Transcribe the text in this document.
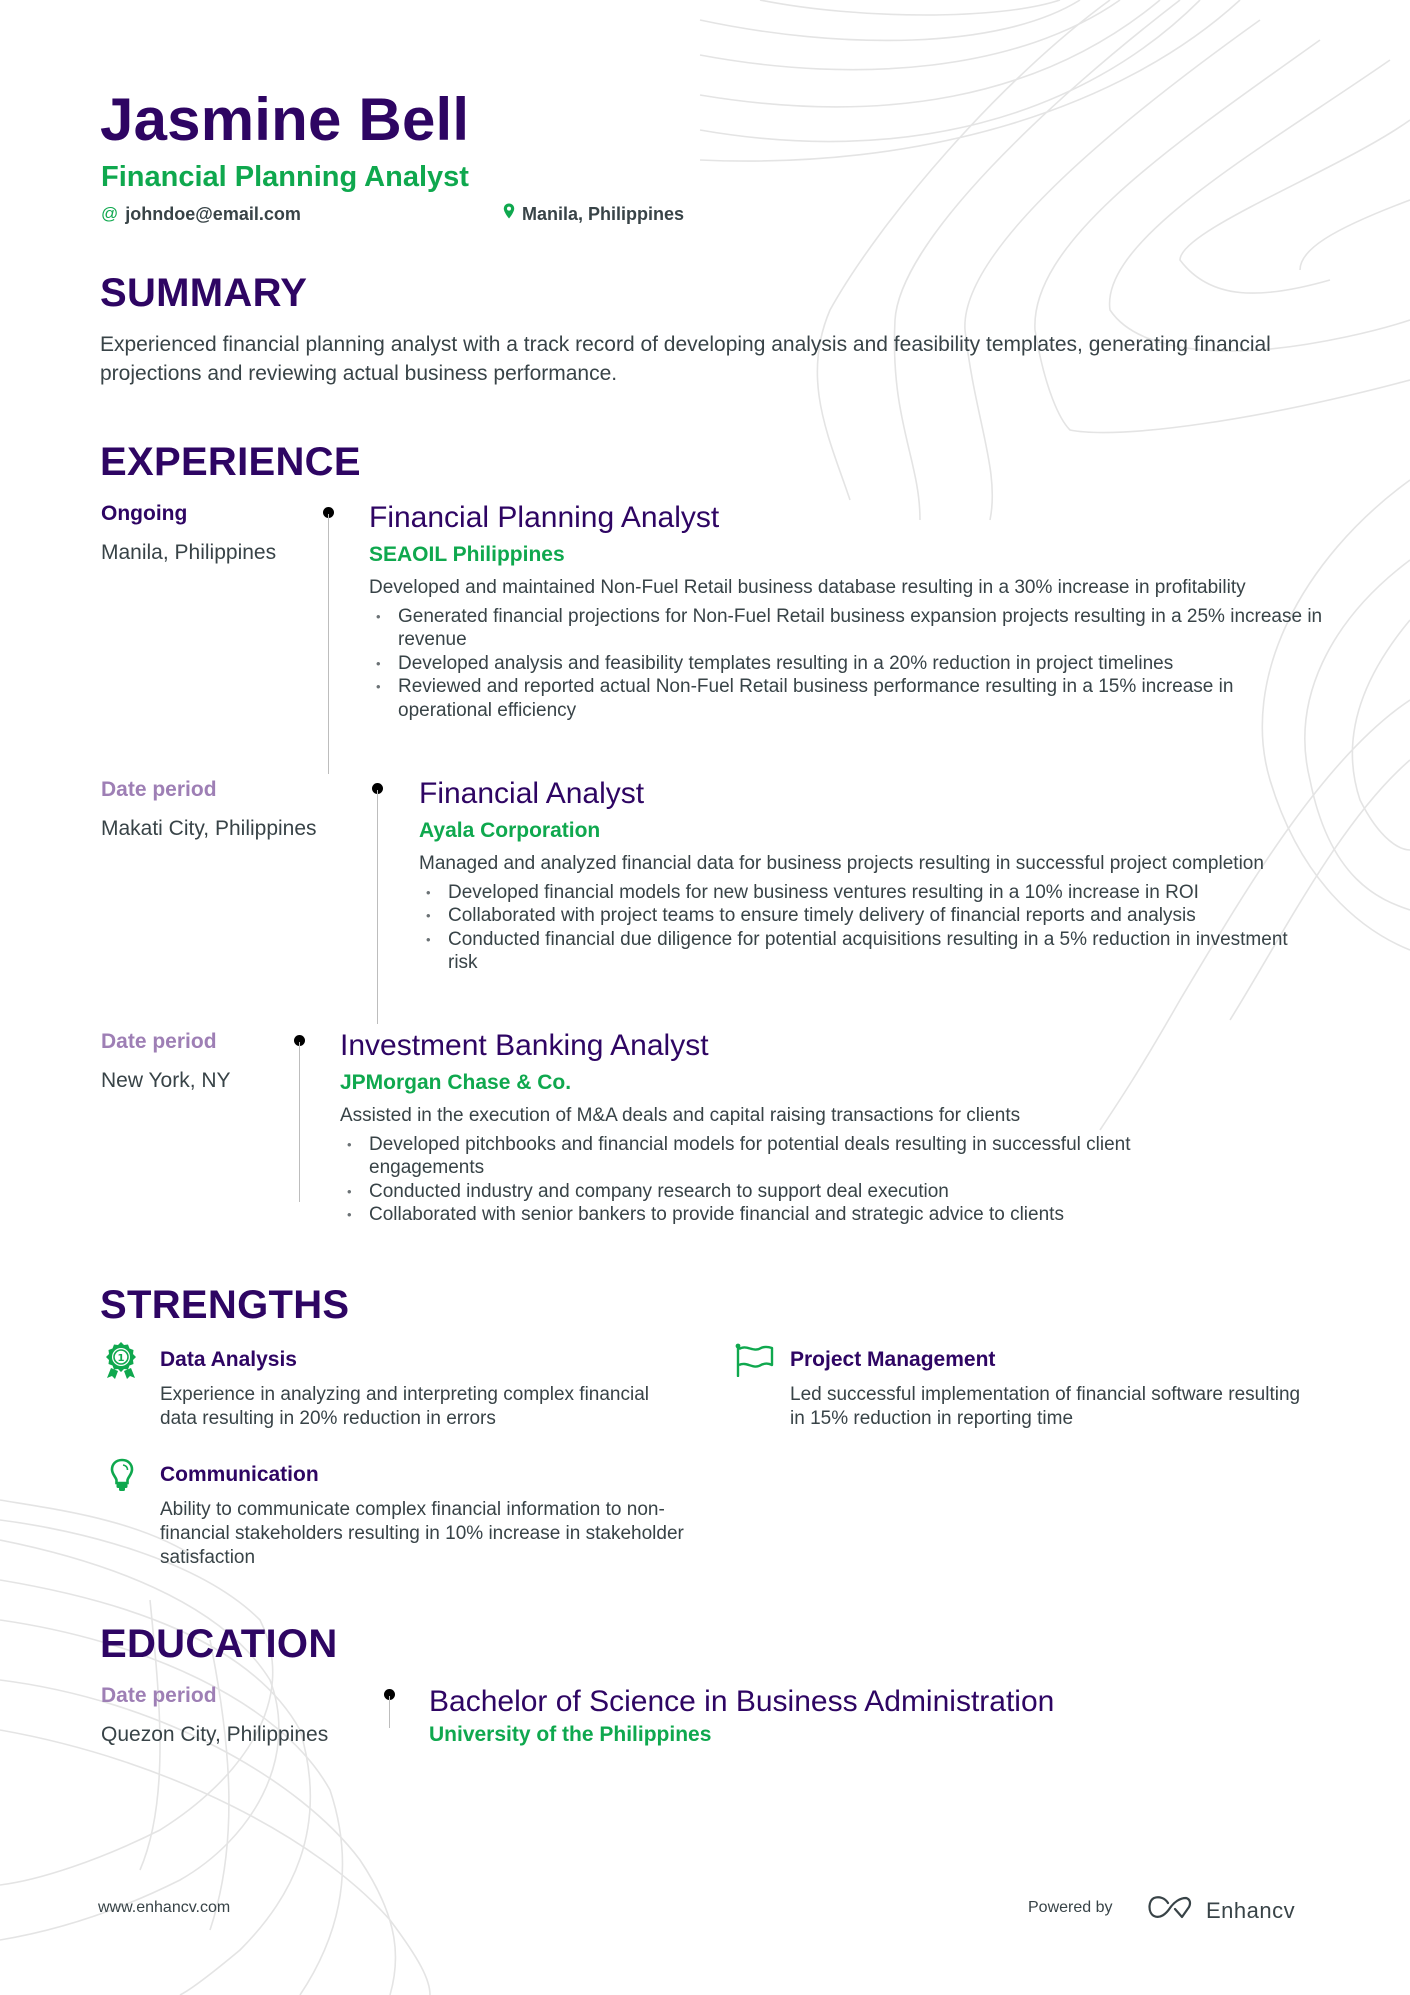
Jasmine Bell
Financial Planning Analyst
@ johndoe@email.com	Manila, Philippines
SUMMARY
Experienced financial planning analyst with a track record of developing analysis and feasibility templates, generating financial projections and reviewing actual business performance.
EXPERIENCE
Ongoing
Manila, Philippines
Financial Planning Analyst
SEAOIL Philippines
Developed and maintained Non-Fuel Retail business database resulting in a 30% increase in profitability
• Generated financial projections for Non-Fuel Retail business expansion projects resulting in a 25% increase in revenue
• Developed analysis and feasibility templates resulting in a 20% reduction in project timelines
• Reviewed and reported actual Non-Fuel Retail business performance resulting in a 15% increase in operational efficiency
Date period
Makati City, Philippines
Financial Analyst
Ayala Corporation
Managed and analyzed financial data for business projects resulting in successful project completion
• Developed financial models for new business ventures resulting in a 10% increase in ROI
• Collaborated with project teams to ensure timely delivery of financial reports and analysis
• Conducted financial due diligence for potential acquisitions resulting in a 5% reduction in investment risk
Date period
New York, NY
Investment Banking Analyst
JPMorgan Chase & Co.
Assisted in the execution of M&A deals and capital raising transactions for clients
• Developed pitchbooks and financial models for potential deals resulting in successful client engagements
• Conducted industry and company research to support deal execution
• Collaborated with senior bankers to provide financial and strategic advice to clients
STRENGTHS
1 Data Analysis
Experience in analyzing and interpreting complex financial data resulting in 20% reduction in errors
Project Management
Led successful implementation of financial software resulting in 15% reduction in reporting time
Communication
Ability to communicate complex financial information to non-financial stakeholders resulting in 10% increase in stakeholder satisfaction
EDUCATION
Date period
Quezon City, Philippines
Bachelor of Science in Business Administration
University of the Philippines
www.enhancv.com	Powered by	Enhancv
